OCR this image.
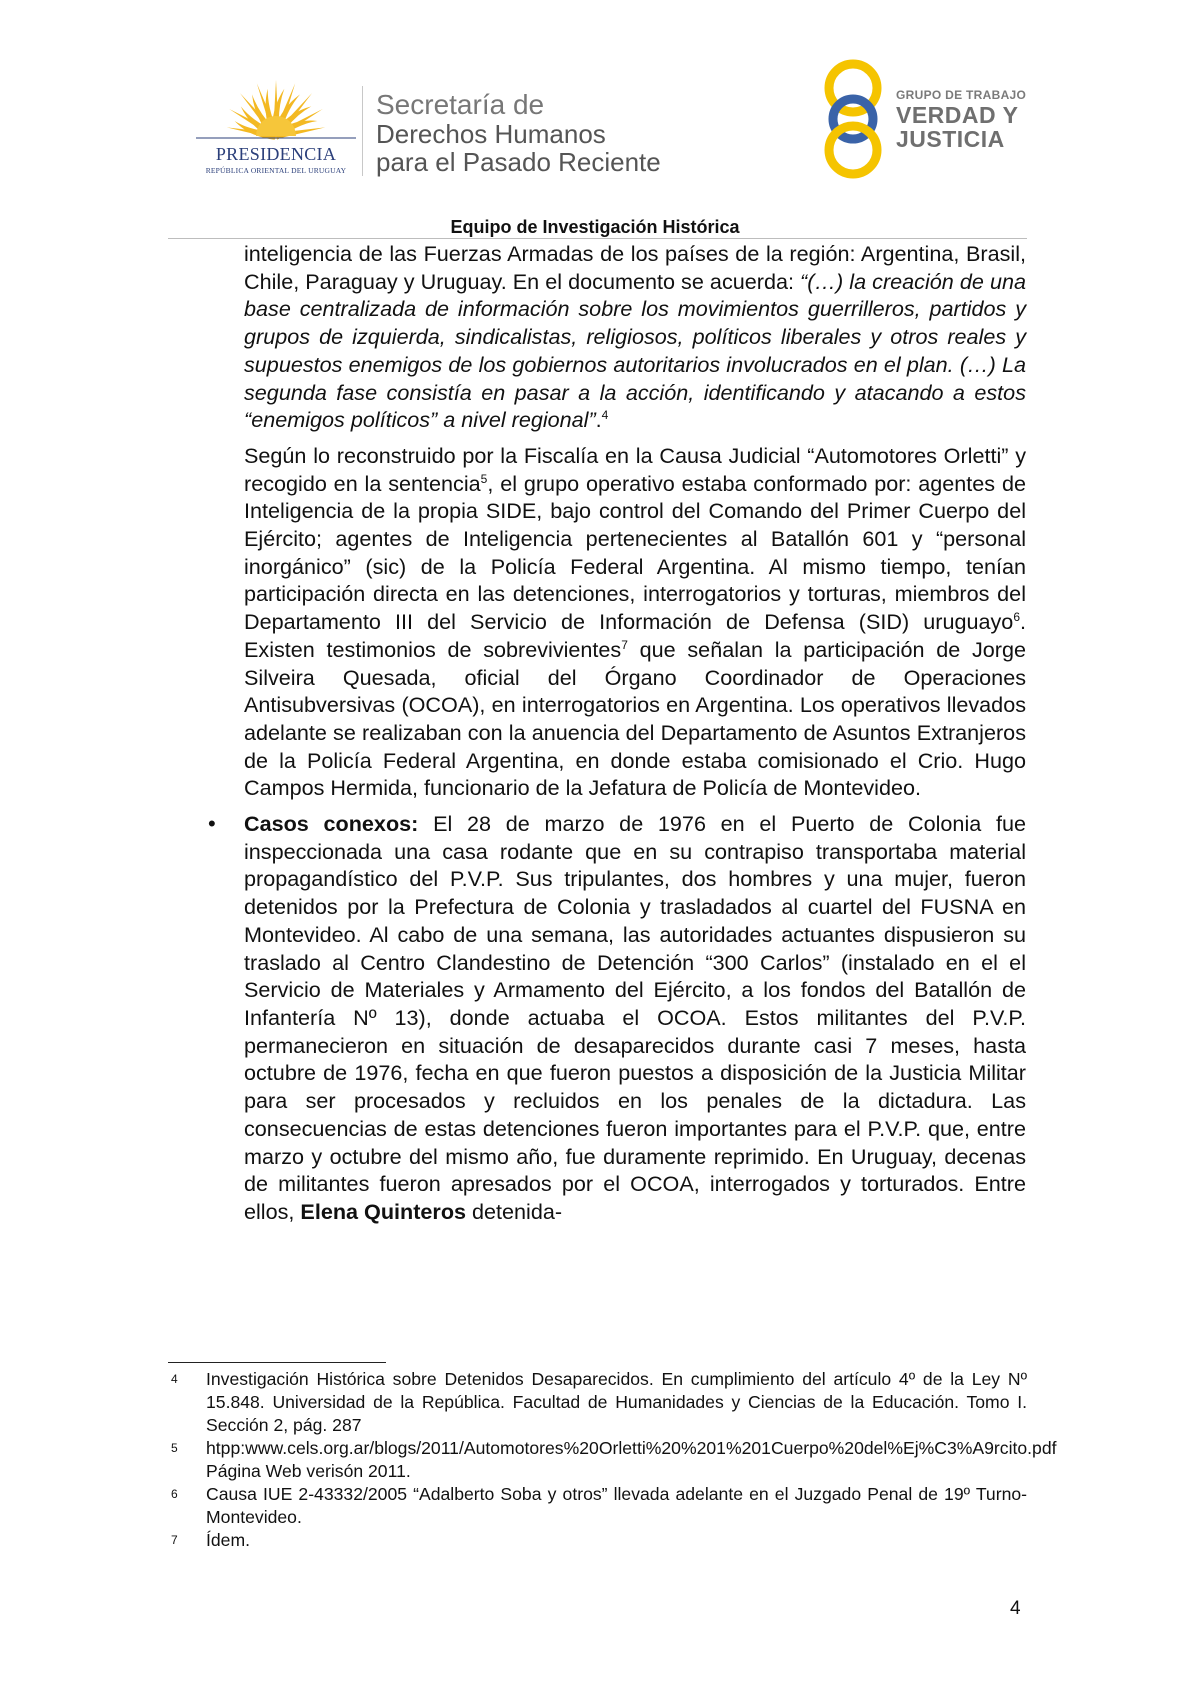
PRESIDENCIA
REPÚBLICA ORIENTAL DEL URUGUAY
Secretaría de
Derechos Humanos
para el Pasado Reciente
GRUPO DE TRABAJO
VERDAD Y
JUSTICIA
Equipo de Investigación Histórica

inteligencia de las Fuerzas Armadas de los países de la región: Argentina, Brasil, Chile, Paraguay y Uruguay. En el documento se acuerda: “(…) la creación de una base centralizada de información sobre los movimientos guerrilleros, partidos y grupos de izquierda, sindicalistas, religiosos, políticos liberales y otros reales y supuestos enemigos de los gobiernos autoritarios involucrados en el plan. (…) La segunda fase consistía en pasar a la acción, identificando y atacando a estos “enemigos políticos” a nivel regional”.$^4$

Según lo reconstruido por la Fiscalía en la Causa Judicial “Automotores Orletti” y recogido en la sentencia$^5$, el grupo operativo estaba conformado por: agentes de Inteligencia de la propia SIDE, bajo control del Comando del Primer Cuerpo del Ejército; agentes de Inteligencia pertenecientes al Batallón 601 y “personal inorgánico” (sic) de la Policía Federal Argentina. Al mismo tiempo, tenían participación directa en las detenciones, interrogatorios y torturas, miembros del Departamento III del Servicio de Información de Defensa (SID) uruguayo$^6$. Existen testimonios de sobrevivientes$^7$ que señalan la participación de Jorge Silveira Quesada, oficial del Órgano Coordinador de Operaciones Antisubversivas (OCOA), en interrogatorios en Argentina. Los operativos llevados adelante se realizaban con la anuencia del Departamento de Asuntos Extranjeros de la Policía Federal Argentina, en donde estaba comisionado el Crio. Hugo Campos Hermida, funcionario de la Jefatura de Policía de Montevideo.

• Casos conexos: El 28 de marzo de 1976 en el Puerto de Colonia fue inspeccionada una casa rodante que en su contrapiso transportaba material propagandístico del P.V.P. Sus tripulantes, dos hombres y una mujer, fueron detenidos por la Prefectura de Colonia y trasladados al cuartel del FUSNA en Montevideo. Al cabo de una semana, las autoridades actuantes dispusieron su traslado al Centro Clandestino de Detención “300 Carlos” (instalado en el el Servicio de Materiales y Armamento del Ejército, a los fondos del Batallón de Infantería Nº 13), donde actuaba el OCOA. Estos militantes del P.V.P. permanecieron en situación de desaparecidos durante casi 7 meses, hasta octubre de 1976, fecha en que fueron puestos a disposición de la Justicia Militar para ser procesados y recluidos en los penales de la dictadura. Las consecuencias de estas detenciones fueron importantes para el P.V.P. que, entre marzo y octubre del mismo año, fue duramente reprimido. En Uruguay, decenas de militantes fueron apresados por el OCOA, interrogados y torturados. Entre ellos, Elena Quinteros detenida-

4 Investigación Histórica sobre Detenidos Desaparecidos. En cumplimiento del artículo 4º de la Ley Nº 15.848. Universidad de la República. Facultad de Humanidades y Ciencias de la Educación. Tomo I. Sección 2, pág. 287

5 htpp:www.cels.org.ar/blogs/2011/Automotores%20Orletti%20%201%201Cuerpo%20del%Ej%C3%A9rcito.pdf Página Web verisón 2011.

6 Causa IUE 2-43332/2005 “Adalberto Soba y otros” llevada adelante en el Juzgado Penal de 19º Turno-Montevideo.

7 Ídem.

4
